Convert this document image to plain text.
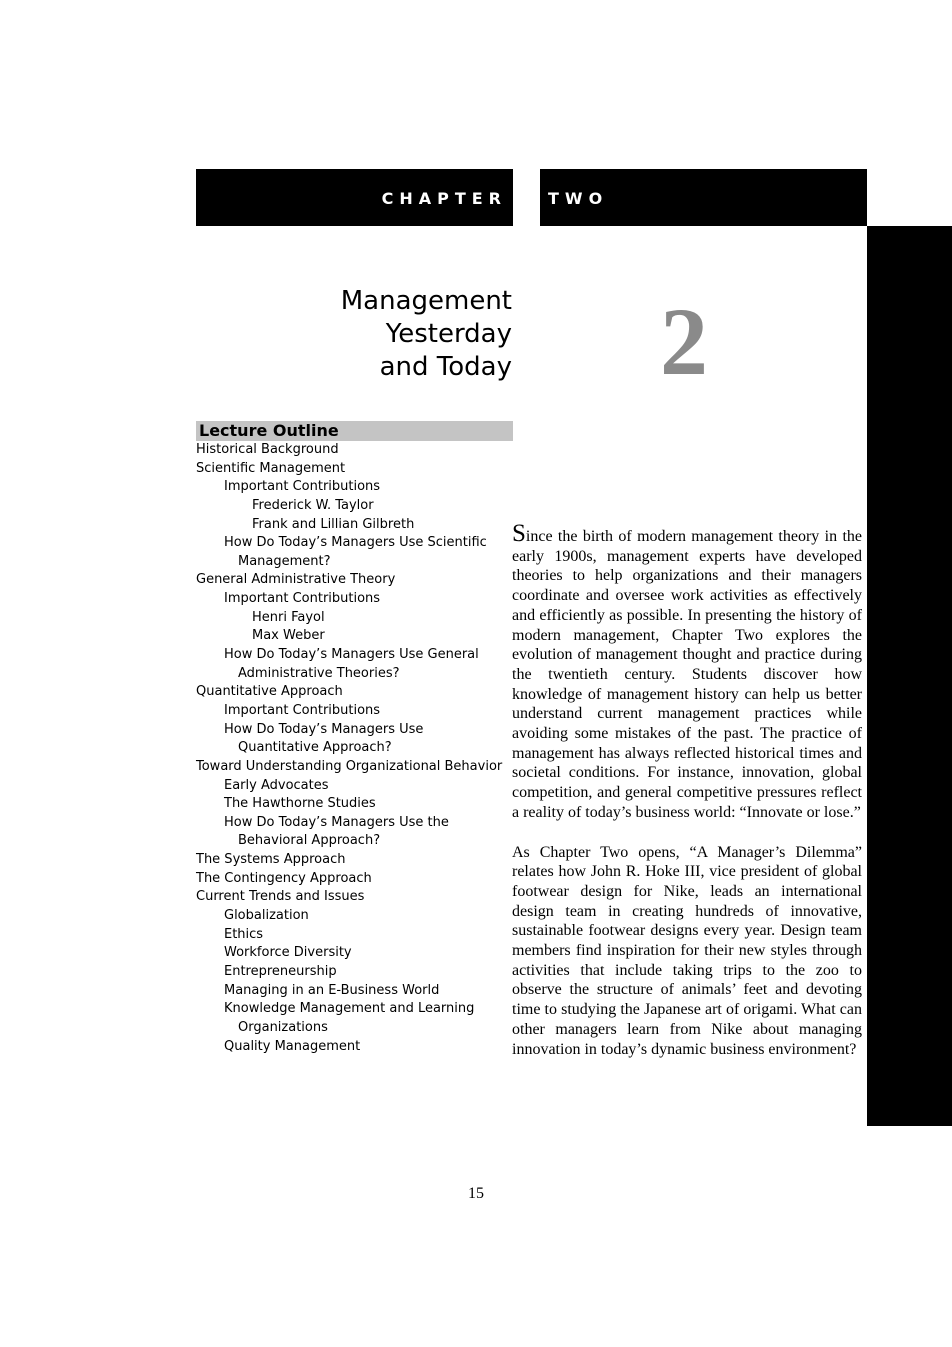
CHAPTER	TWO
Management
Yesterday
and Today 2
Lecture Outline
Historical Background
Scientific Management
Important Contributions
Frederick W. Taylor
Frank and Lillian Gilbreth
How Do Today’s Managers Use Scientific
Management?
General Administrative Theory
Important Contributions
Henri Fayol
Max Weber
How Do Today’s Managers Use General
Administrative Theories?
Quantitative Approach
Important Contributions
How Do Today’s Managers Use
Quantitative Approach?
Toward Understanding Organizational Behavior
Early Advocates
The Hawthorne Studies
How Do Today’s Managers Use the
Behavioral Approach?
The Systems Approach
The Contingency Approach
Current Trends and Issues
Globalization
Ethics
Workforce Diversity
Entrepreneurship
Managing in an E-Business World
Knowledge Management and Learning
Organizations
Quality Management

Since the birth of modern management theory in the early 1900s, management experts have developed theories to help organizations and their managers coordinate and oversee work activities as effectively and efficiently as possible. In presenting the history of modern management, Chapter Two explores the evolution of management thought and practice during the twentieth century. Students discover how knowledge of management history can help us better understand current management practices while avoiding some mistakes of the past. The practice of management has always reflected historical times and societal conditions. For instance, innovation, global competition, and general competitive pressures reflect a reality of today’s business world: “Innovate or lose.”

As Chapter Two opens, “A Manager’s Dilemma” relates how John R. Hoke III, vice president of global footwear design for Nike, leads an international design team in creating hundreds of innovative, sustainable footwear designs every year. Design team members find inspiration for their new styles through activities that include taking trips to the zoo to observe the structure of animals’ feet and devoting time to studying the Japanese art of origami. What can other managers learn from Nike about managing innovation in today’s dynamic business environment?

15
